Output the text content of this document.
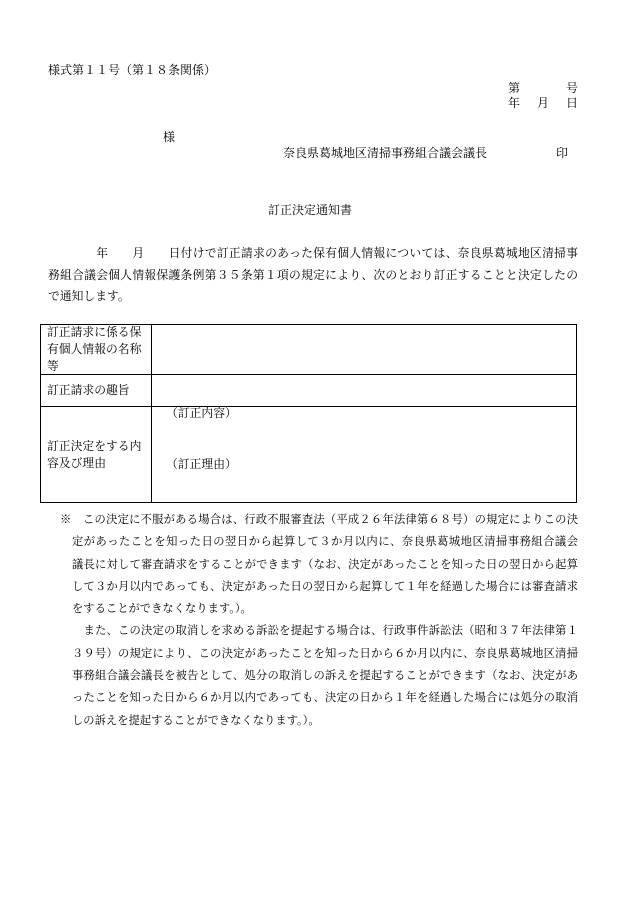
様式第１１号（第１８条関係）
第　　　号
年　月　日
様
奈良県葛城地区清掃事務組合議会議長	印
訂正決定通知書
　　　　年　　月　　日付けで訂正請求のあった保有個人情報については、奈良県葛城地区清掃事
務組合議会個人情報保護条例第３５条第１項の規定により、次のとおり訂正することと決定したの
で通知します。
訂正請求に係る保有個人情報の名称等
訂正請求の趣旨
訂正決定をする内容及び理由
（訂正内容）
（訂正理由）
※　この決定に不服がある場合は、行政不服審査法（平成２６年法律第６８号）の規定によりこの決
定があったことを知った日の翌日から起算して３か月以内に、奈良県葛城地区清掃事務組合議会
議長に対して審査請求をすることができます（なお、決定があったことを知った日の翌日から起算
して３か月以内であっても、決定があった日の翌日から起算して１年を経過した場合には審査請求
をすることができなくなります。）。
　また、この決定の取消しを求める訴訟を提起する場合は、行政事件訴訟法（昭和３７年法律第１
３９号）の規定により、この決定があったことを知った日から６か月以内に、奈良県葛城地区清掃
事務組合議会議長を被告として、処分の取消しの訴えを提起することができます（なお、決定があ
ったことを知った日から６か月以内であっても、決定の日から１年を経過した場合には処分の取消
しの訴えを提起することができなくなります。）。
